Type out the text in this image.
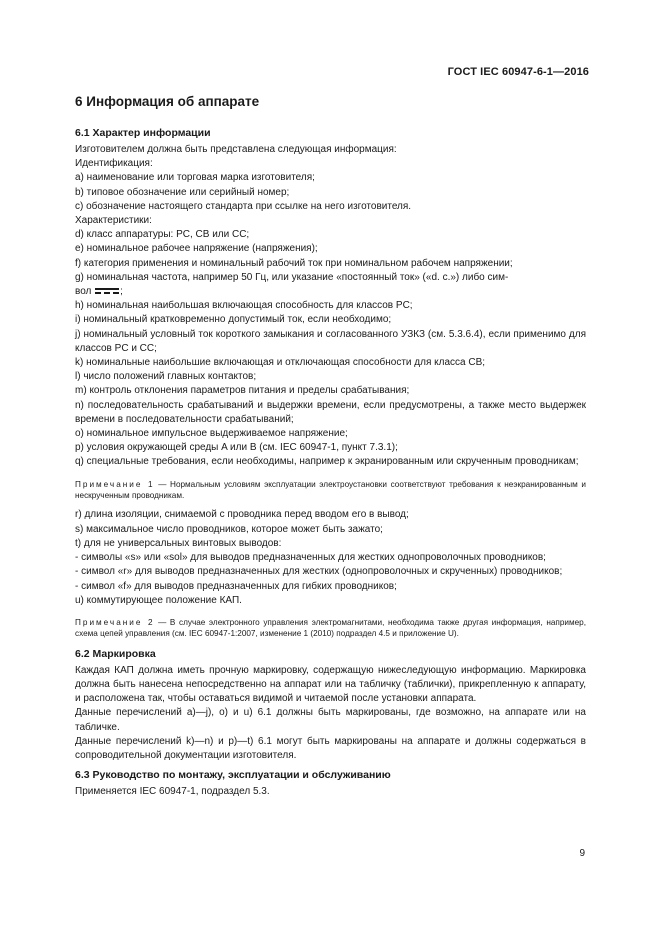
ГОСТ IEC 60947-6-1—2016
6 Информация об аппарате
6.1 Характер информации

Изготовителем должна быть представлена следующая информация:

Идентификация:

a) наименование или торговая марка изготовителя;

b) типовое обозначение или серийный номер;

c) обозначение настоящего стандарта при ссылке на него изготовителя.

Характеристики:

d) класс аппаратуры: PC, CB или CC;

e) номинальное рабочее напряжение (напряжения);

f) категория применения и номинальный рабочий ток при номинальном рабочем напряжении;

g) номинальная частота, например 50 Гц, или указание «постоянный ток» («d. c.») либо сим-

вол	;

h) номинальная наибольшая включающая способность для классов PC;

i) номинальный кратковременно допустимый ток, если необходимо;

j) номинальный условный ток короткого замыкания и согласованного УЗКЗ (см. 5.3.6.4), если применимо для классов PC и CC;

k) номинальные наибольшие включающая и отключающая способности для класса CB;

l) число положений главных контактов;

m) контроль отклонения параметров питания и пределы срабатывания;

n) последовательность срабатываний и выдержки времени, если предусмотрены, а также место выдержек времени в последовательности срабатываний;

o) номинальное импульсное выдерживаемое напряжение;

p) условия окружающей среды A или B (см. IEC 60947-1, пункт 7.3.1);

q) специальные требования, если необходимы, например к экранированным или скрученным проводникам;

Примечание 1 — Нормальным условиям эксплуатации электроустановки соответствуют требования к неэкранированным и нескрученным проводникам.

r) длина изоляции, снимаемой с проводника перед вводом его в вывод;

s) максимальное число проводников, которое может быть зажато;

t) для не универсальных винтовых выводов:

- символы «s» или «sol» для выводов предназначенных для жестких однопроволочных проводников;

- символ «r» для выводов предназначенных для жестких (однопроволочных и скрученных) проводников;

- символ «f» для выводов предназначенных для гибких проводников;

u) коммутирующее положение КАП.

Примечание 2 — В случае электронного управления электромагнитами, необходима также другая информация, например, схема цепей управления (см. IEC 60947-1:2007, изменение 1 (2010) подраздел 4.5 и приложение U).

6.2 Маркировка

Каждая КАП должна иметь прочную маркировку, содержащую нижеследующую информацию. Маркировка должна быть нанесена непосредственно на аппарат или на табличку (таблички), прикрепленную к аппарату, и расположена так, чтобы оставаться видимой и читаемой после установки аппарата.

Данные перечислений a)—j), o) и u) 6.1 должны быть маркированы, где возможно, на аппарате или на табличке.

Данные перечислений k)—n) и p)—t) 6.1 могут быть маркированы на аппарате и должны содержаться в сопроводительной документации изготовителя.

6.3 Руководство по монтажу, эксплуатации и обслуживанию

Применяется IEC 60947-1, подраздел 5.3.

9
